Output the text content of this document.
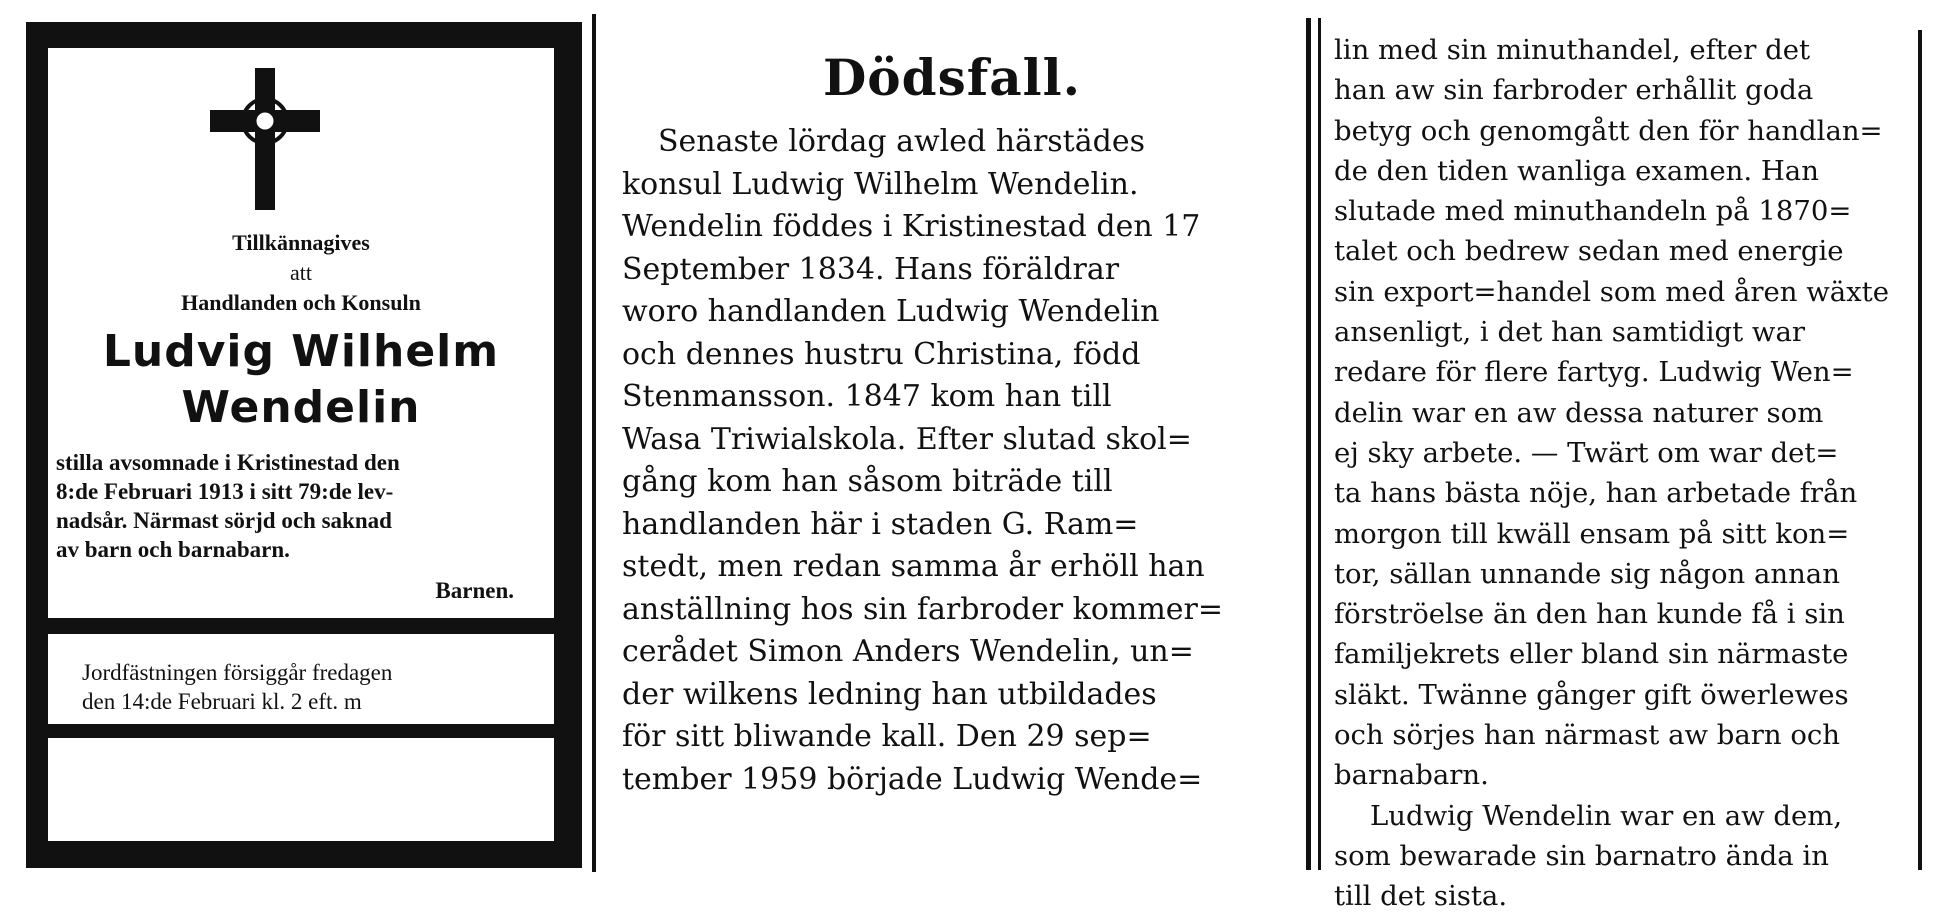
Tillkännagives
att
Handlanden och Konsuln
Ludvig Wilhelm
Wendelin
stilla avsomnade i Kristinestad den
8:de Februari 1913 i sitt 79:de lev-
nadsår. Närmast sörjd och saknad
av barn och barnabarn.
Barnen.
Jordfästningen försiggår fredagen
den 14:de Februari kl. 2 eft. m
Dödsfall.

Senaste lördag awled härstädes

konsul Ludwig Wilhelm Wendelin.

Wendelin föddes i Kristinestad den 17

September 1834. Hans föräldrar

woro handlanden Ludwig Wendelin

och dennes hustru Christina, född

Stenmansson. 1847 kom han till

Wasa Triwialskola. Efter slutad skol=

gång kom han såsom biträde till

handlanden här i staden G. Ram=

stedt, men redan samma år erhöll han

anställning hos sin farbroder kommer=

cerådet Simon Anders Wendelin, un=

der wilkens ledning han utbildades

för sitt bliwande kall. Den 29 sep=

tember 1959 började Ludwig Wende=

lin med sin minuthandel, efter det

han aw sin farbroder erhållit goda

betyg och genomgått den för handlan=

de den tiden wanliga examen. Han

slutade med minuthandeln på 1870=

talet och bedrew sedan med energie

sin export=handel som med åren wäxte

ansenligt, i det han samtidigt war

redare för flere fartyg. Ludwig Wen=

delin war en aw dessa naturer som

ej sky arbete. — Twärt om war det=

ta hans bästa nöje, han arbetade från

morgon till kwäll ensam på sitt kon=

tor, sällan unnande sig någon annan

förströelse än den han kunde få i sin

familjekrets eller bland sin närmaste

släkt. Twänne gånger gift öwerlewes

och sörjes han närmast aw barn och

barnabarn.

Ludwig Wendelin war en aw dem,

som bewarade sin barnatro ända in

till det sista.
